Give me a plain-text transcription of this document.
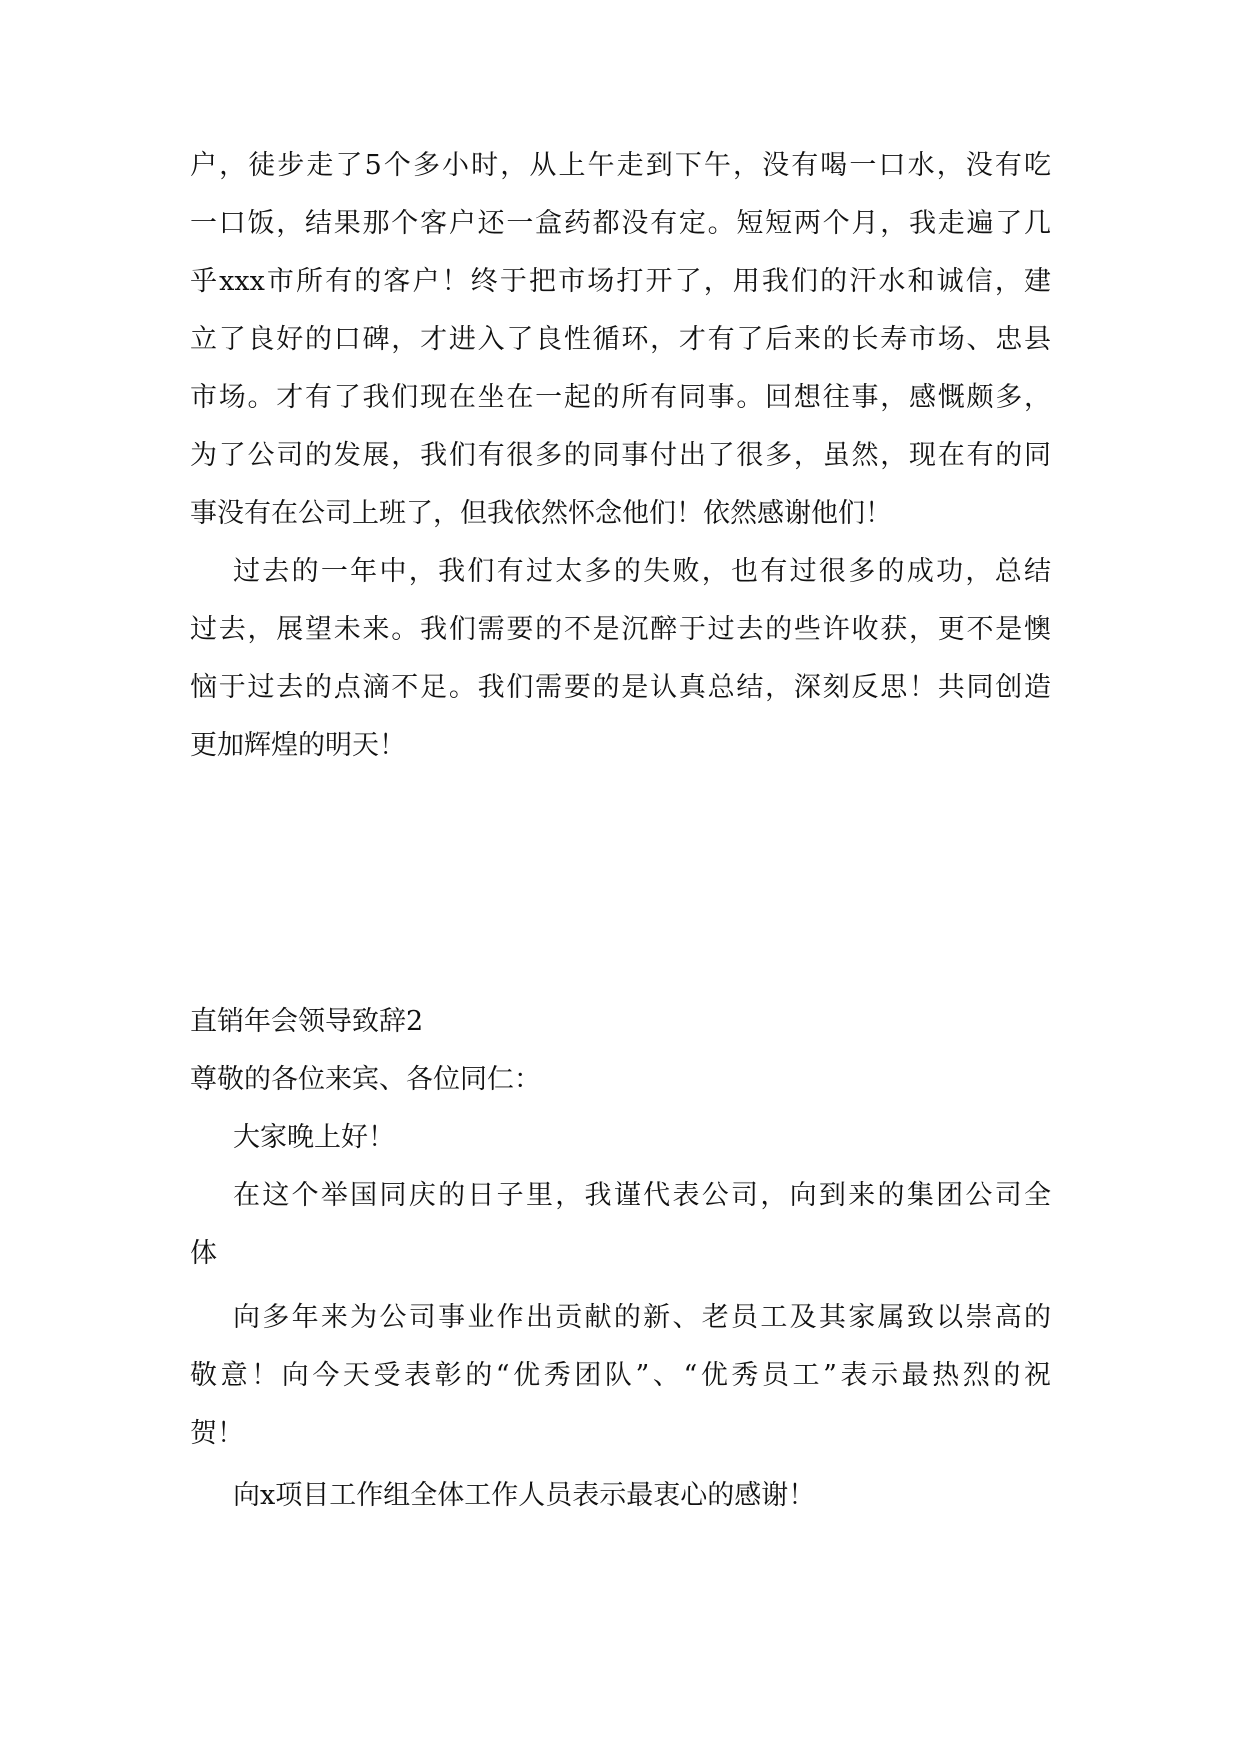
户，徒步走了5个多小时，从上午走到下午，没有喝一口水，没有吃

一口饭，结果那个客户还一盒药都没有定。短短两个月，我走遍了几

乎xxx市所有的客户！终于把市场打开了，用我们的汗水和诚信，建

立了良好的口碑，才进入了良性循环，才有了后来的长寿市场、忠县

市场。才有了我们现在坐在一起的所有同事。回想往事，感慨颇多，

为了公司的发展，我们有很多的同事付出了很多，虽然，现在有的同

事没有在公司上班了，但我依然怀念他们！依然感谢他们！

过去的一年中，我们有过太多的失败，也有过很多的成功，总结

过去，展望未来。我们需要的不是沉醉于过去的些许收获，更不是懊

恼于过去的点滴不足。我们需要的是认真总结，深刻反思！共同创造

更加辉煌的明天！

直销年会领导致辞2

尊敬的各位来宾、各位同仁：

大家晚上好！

在这个举国同庆的日子里，我谨代表公司，向到来的集团公司全

体

向多年来为公司事业作出贡献的新、老员工及其家属致以崇高的

敬意！向今天受表彰的“优秀团队”、“优秀员工”表示最热烈的祝

贺！

向x项目工作组全体工作人员表示最衷心的感谢！
